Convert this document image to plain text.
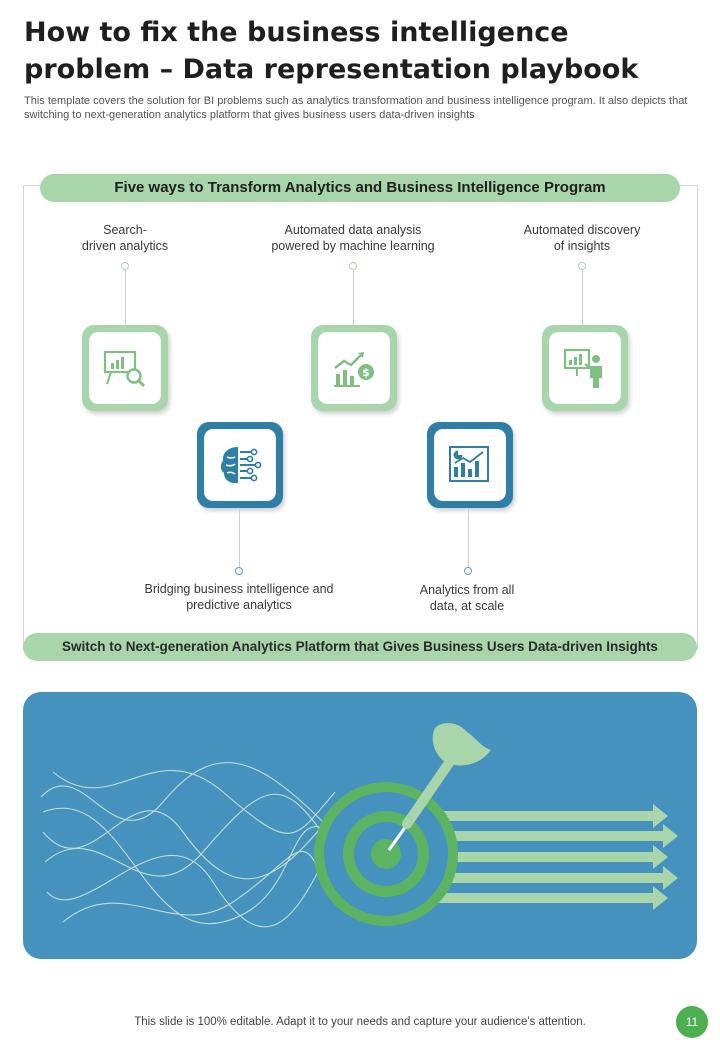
How to fix the business intelligence problem – Data representation playbook
This template covers the solution for BI problems such as analytics transformation and business intelligence program. It also depicts that switching to next-generation analytics platform that gives business users data-driven insights
Five ways to Transform Analytics and Business Intelligence Program
Search-
driven analytics
Automated data analysis
powered by machine learning
$
Automated discovery
of insights
Bridging business intelligence and
predictive analytics
Analytics from all
data, at scale
Switch to Next-generation Analytics Platform that Gives Business Users Data-driven Insights
This slide is 100% editable. Adapt it to your needs and capture your audience's attention.	11
